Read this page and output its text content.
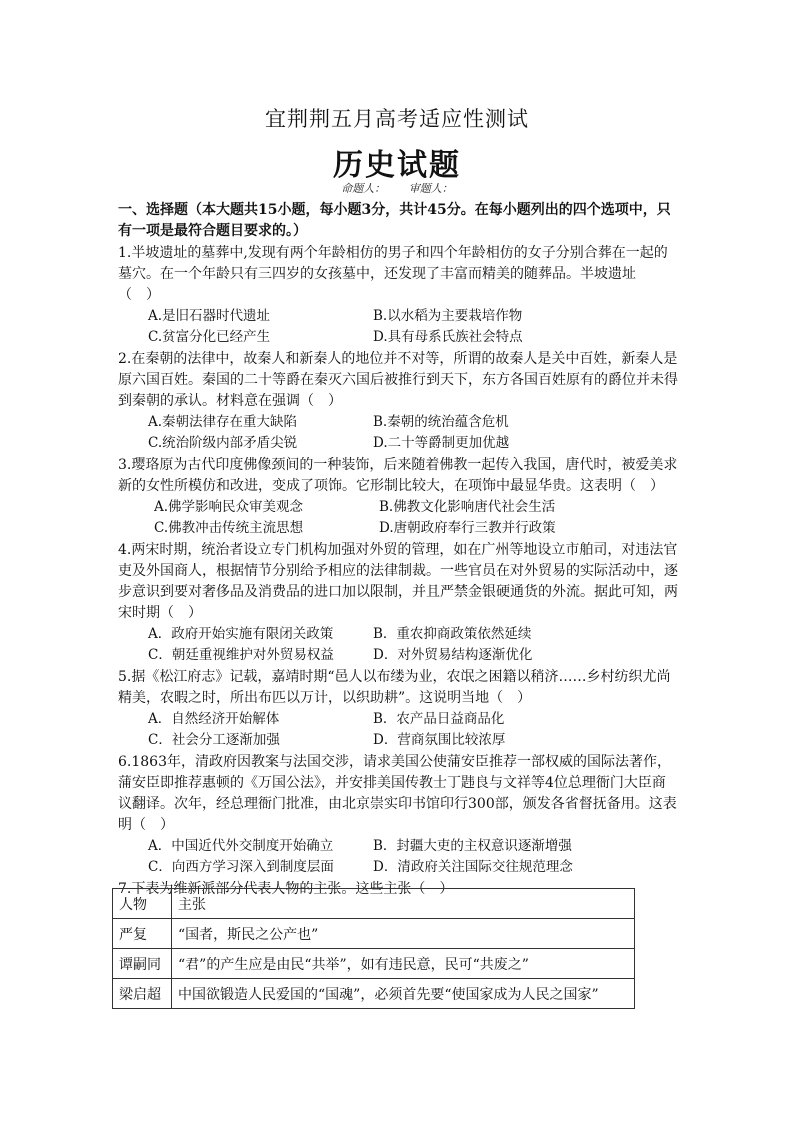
宜荆荆五月高考适应性测试
历史试题
命题人： 审题人：
一、选择题（本大题共15小题，每小题3分，共计45分。在每小题列出的四个选项中，只
有一项是最符合题目要求的。）
1.半坡遗址的墓葬中,发现有两个年龄相仿的男子和四个年龄相仿的女子分别合葬在一起的
墓穴。在一个年龄只有三四岁的女孩墓中，还发现了丰富而精美的随葬品。半坡遗址
（　）
A.是旧石器时代遗址	B.以水稻为主要栽培作物
C.贫富分化已经产生	D.具有母系氏族社会特点
2.在秦朝的法律中，故秦人和新秦人的地位并不对等，所谓的故秦人是关中百姓，新秦人是
原六国百姓。秦国的二十等爵在秦灭六国后被推行到天下，东方各国百姓原有的爵位并未得
到秦朝的承认。材料意在强调（　）
A.秦朝法律存在重大缺陷	B.秦朝的统治蕴含危机
C.统治阶级内部矛盾尖锐	D.二十等爵制更加优越
3.璎珞原为古代印度佛像颈间的一种装饰，后来随着佛教一起传入我国，唐代时，被爱美求
新的女性所模仿和改进，变成了项饰。它形制比较大，在项饰中最显华贵。这表明（　）
A.佛学影响民众审美观念	B.佛教文化影响唐代社会生活
C.佛教冲击传统主流思想	D.唐朝政府奉行三教并行政策
4.两宋时期，统治者设立专门机构加强对外贸的管理，如在广州等地设立市舶司，对违法官
吏及外国商人，根据情节分别给予相应的法律制裁。一些官员在对外贸易的实际活动中，逐
步意识到要对奢侈品及消费品的进口加以限制，并且严禁金银硬通货的外流。据此可知，两
宋时期（　）
A．政府开始实施有限闭关政策	B．重农抑商政策依然延续
C．朝廷重视维护对外贸易权益	D．对外贸易结构逐渐优化
5.据《松江府志》记载，嘉靖时期“邑人以布缕为业，农氓之困籍以稍济……乡村纺织尤尚
精美，农暇之时，所出布匹以万计，以织助耕”。这说明当地（　）
A．自然经济开始解体	B．农产品日益商品化
C．社会分工逐渐加强	D．营商氛围比较浓厚
6.1863年，清政府因教案与法国交涉，请求美国公使蒲安臣推荐一部权威的国际法著作，
蒲安臣即推荐惠顿的《万国公法》，并安排美国传教士丁韪良与文祥等4位总理衙门大臣商
议翻译。次年，经总理衙门批准，由北京崇实印书馆印行300部，颁发各省督抚备用。这表
明（　）
A．中国近代外交制度开始确立	B．封疆大吏的主权意识逐渐增强
C．向西方学习深入到制度层面	D．清政府关注国际交往规范理念
7.下表为维新派部分代表人物的主张。这些主张（　）
人物	主张
严复	“国者，斯民之公产也”
谭嗣同	“君”的产生应是由民“共举”，如有违民意，民可“共废之”
梁启超	中国欲锻造人民爱国的“国魂”，必须首先要“使国家成为人民之国家”
